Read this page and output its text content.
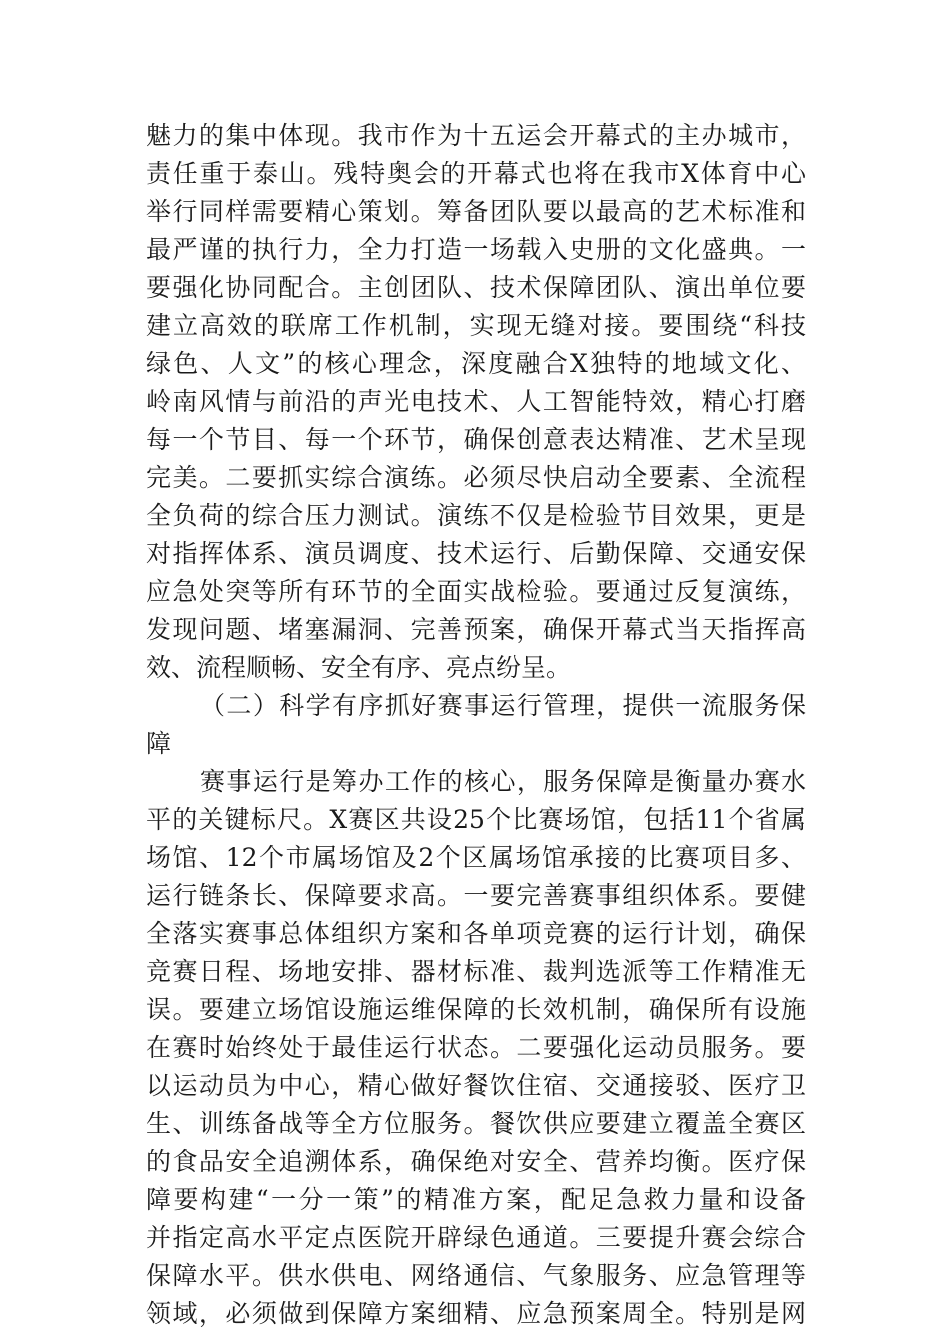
魅力的集中体现。我市作为十五运会开幕式的主办城市，
责任重于泰山。残特奥会的开幕式也将在我市X体育中心
举行同样需要精心策划。筹备团队要以最高的艺术标准和
最严谨的执行力，全力打造一场载入史册的文化盛典。一
要强化协同配合。主创团队、技术保障团队、演出单位要
建立高效的联席工作机制，实现无缝对接。要围绕“科技
绿色、人文”的核心理念，深度融合X独特的地域文化、
岭南风情与前沿的声光电技术、人工智能特效，精心打磨
每一个节目、每一个环节，确保创意表达精准、艺术呈现
完美。二要抓实综合演练。必须尽快启动全要素、全流程
全负荷的综合压力测试。演练不仅是检验节目效果，更是
对指挥体系、演员调度、技术运行、后勤保障、交通安保
应急处突等所有环节的全面实战检验。要通过反复演练，
发现问题、堵塞漏洞、完善预案，确保开幕式当天指挥高
效、流程顺畅、安全有序、亮点纷呈。
（二）科学有序抓好赛事运行管理，提供一流服务保
障
赛事运行是筹办工作的核心，服务保障是衡量办赛水
平的关键标尺。X赛区共设25个比赛场馆，包括11个省属
场馆、12个市属场馆及2个区属场馆承接的比赛项目多、
运行链条长、保障要求高。一要完善赛事组织体系。要健
全落实赛事总体组织方案和各单项竞赛的运行计划，确保
竞赛日程、场地安排、器材标准、裁判选派等工作精准无
误。要建立场馆设施运维保障的长效机制，确保所有设施
在赛时始终处于最佳运行状态。二要强化运动员服务。要
以运动员为中心，精心做好餐饮住宿、交通接驳、医疗卫
生、训练备战等全方位服务。餐饮供应要建立覆盖全赛区
的食品安全追溯体系，确保绝对安全、营养均衡。医疗保
障要构建“一分一策”的精准方案，配足急救力量和设备
并指定高水平定点医院开辟绿色通道。三要提升赛会综合
保障水平。供水供电、网络通信、气象服务、应急管理等
领域，必须做到保障方案细精、应急预案周全。特别是网
